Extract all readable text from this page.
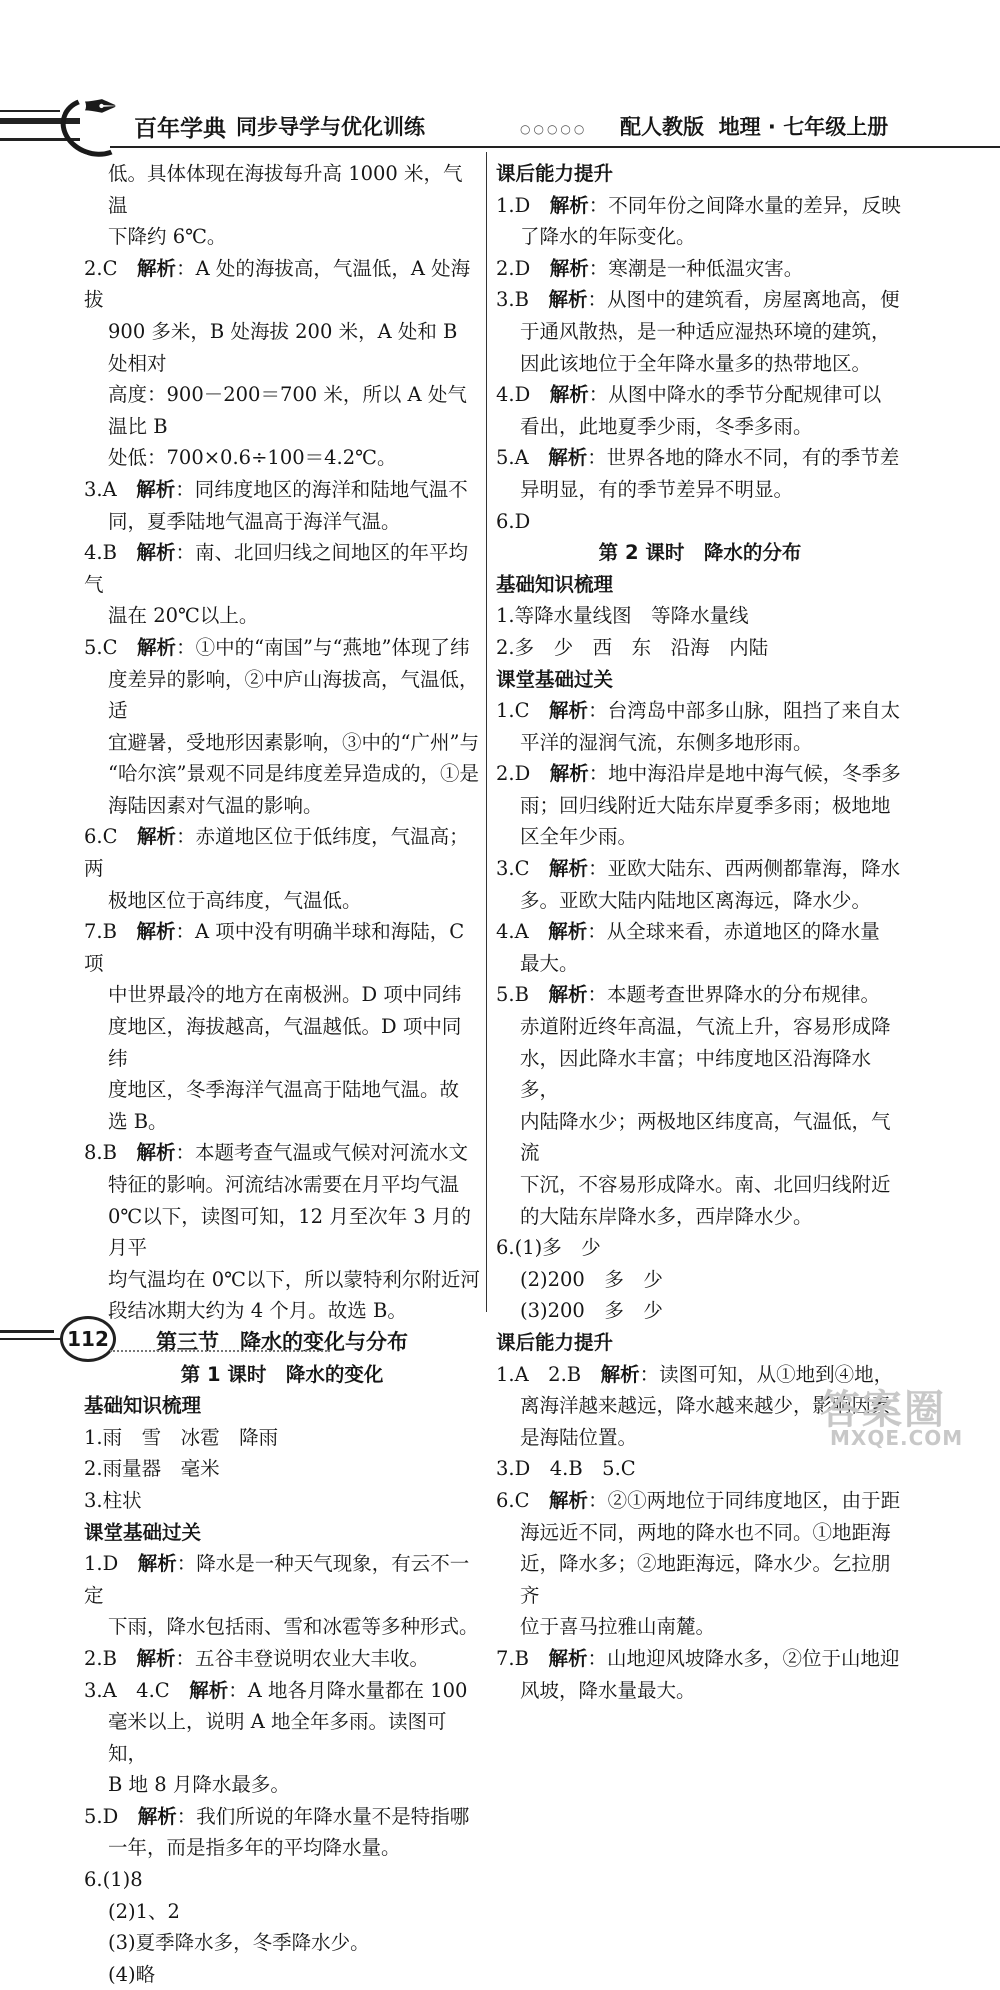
✒ 百年学典 同步导学与优化训练	○○○○○ 配人教版  地理 · 七年级上册

低。具体体现在海拔每升高 1000 米，气温

下降约 6℃。

2.C　 解析：A 处的海拔高，气温低，A 处海拔

900 多米，B 处海拔 200 米，A 处和 B 处相对

高度：900－200＝700 米，所以 A 处气温比 B

处低：700×0.6÷100＝4.2℃。

3.A　 解析：同纬度地区的海洋和陆地气温不

同，夏季陆地气温高于海洋气温。

4.B　 解析：南、北回归线之间地区的年平均气

温在 20℃以上。

5.C　 解析：①中的“南国”与“燕地”体现了纬

度差异的影响，②中庐山海拔高，气温低，适

宜避暑，受地形因素影响，③中的“广州”与

“哈尔滨”景观不同是纬度差异造成的，①是

海陆因素对气温的影响。

6.C　 解析：赤道地区位于低纬度，气温高；两

极地区位于高纬度，气温低。

7.B　 解析：A 项中没有明确半球和海陆，C 项

中世界最冷的地方在南极洲。D 项中同纬

度地区，海拔越高，气温越低。D 项中同纬

度地区，冬季海洋气温高于陆地气温。故

选 B。

8.B　 解析：本题考查气温或气候对河流水文

特征的影响。河流结冰需要在月平均气温

0℃以下，读图可知，12 月至次年 3 月的月平

均气温均在 0℃以下，所以蒙特利尔附近河

段结冰期大约为 4 个月。故选 B。

第三节　降水的变化与分布

第 1 课时　降水的变化

基础知识梳理

1.雨　雪　冰雹　降雨

2.雨量器　毫米

3.柱状

课堂基础过关

1.D　 解析：降水是一种天气现象，有云不一定

下雨，降水包括雨、雪和冰雹等多种形式。

2.B　 解析：五谷丰登说明农业大丰收。

3.A　4.C　 解析：A 地各月降水量都在 100

毫米以上，说明 A 地全年多雨。读图可知，

B 地 8 月降水最多。

5.D　 解析：我们所说的年降水量不是特指哪

一年，而是指多年的平均降水量。

6.(1)8

(2)1、2

(3)夏季降水多，冬季降水少。

(4)略

课后能力提升

1.D　 解析：不同年份之间降水量的差异，反映

了降水的年际变化。

2.D　 解析：寒潮是一种低温灾害。

3.B　 解析：从图中的建筑看，房屋离地高，便

于通风散热，是一种适应湿热环境的建筑，

因此该地位于全年降水量多的热带地区。

4.D　 解析：从图中降水的季节分配规律可以

看出，此地夏季少雨，冬季多雨。

5.A　 解析：世界各地的降水不同，有的季节差

异明显，有的季节差异不明显。

6.D

第 2 课时　降水的分布

基础知识梳理

1.等降水量线图　等降水量线

2.多　少　西　东　沿海　内陆

课堂基础过关

1.C　 解析：台湾岛中部多山脉，阻挡了来自太

平洋的湿润气流，东侧多地形雨。

2.D　 解析：地中海沿岸是地中海气候，冬季多

雨；回归线附近大陆东岸夏季多雨；极地地

区全年少雨。

3.C　 解析：亚欧大陆东、西两侧都靠海，降水

多。亚欧大陆内陆地区离海远，降水少。

4.A　 解析：从全球来看，赤道地区的降水量

最大。

5.B　 解析：本题考查世界降水的分布规律。

赤道附近终年高温，气流上升，容易形成降

水，因此降水丰富；中纬度地区沿海降水多，

内陆降水少；两极地区纬度高，气温低，气流

下沉，不容易形成降水。南、北回归线附近

的大陆东岸降水多，西岸降水少。

6.(1)多　少

(2)200　多　少

(3)200　多　少

课后能力提升

1.A　2.B　 解析：读图可知，从①地到④地，

离海洋越来越远，降水越来越少，影响因素

是海陆位置。

3.D　4.B　5.C

6.C　 解析：②①两地位于同纬度地区，由于距

海远近不同，两地的降水也不同。①地距海

近，降水多；②地距海远，降水少。乞拉朋齐

位于喜马拉雅山南麓。

7.B　 解析：山地迎风坡降水多，②位于山地迎

风坡，降水量最大。

112
答案圈
MXQE.COM
